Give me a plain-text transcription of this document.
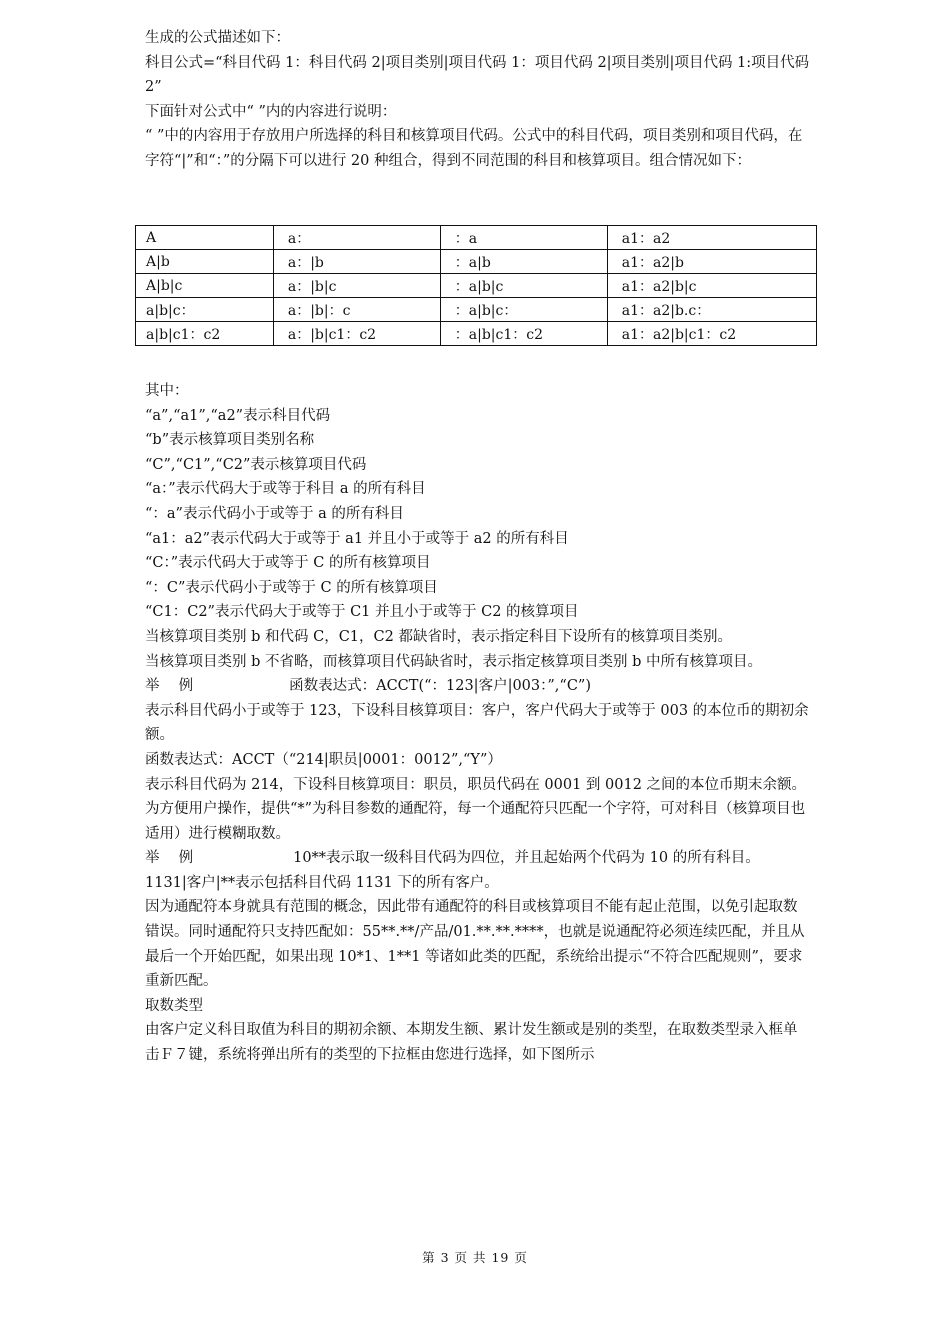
生成的公式描述如下：

科目公式=“科目代码 1：科目代码 2|项目类别|项目代码 1：项目代码 2|项目类别|项目代码 1:项目代码 2”

下面针对公式中“ ”内的内容进行说明：

“ ”中的内容用于存放用户所选择的科目和核算项目代码。公式中的科目代码，项目类别和项目代码，在字符“|”和“：”的分隔下可以进行 20 种组合，得到不同范围的科目和核算项目。组合情况如下：

A	a：	：a	a1：a2
A|b	a：|b	：a|b	a1：a2|b
A|b|c	a：|b|c	：a|b|c	a1：a2|b|c
a|b|c：	a：|b|：c	：a|b|c：	a1：a2|b.c：
a|b|c1：c2	a：|b|c1：c2	：a|b|c1：c2	a1：a2|b|c1：c2

其中：

“a”,“a1”,“a2”表示科目代码

“b”表示核算项目类别名称

“C”,“C1”,“C2”表示核算项目代码

“a：”表示代码大于或等于科目 a 的所有科目

“：a”表示代码小于或等于 a 的所有科目

“a1：a2”表示代码大于或等于 a1 并且小于或等于 a2 的所有科目

“C：”表示代码大于或等于 C 的所有核算项目

“：C”表示代码小于或等于 C 的所有核算项目

“C1：C2”表示代码大于或等于 C1 并且小于或等于 C2 的核算项目

当核算项目类别 b 和代码 C，C1，C2 都缺省时，表示指定科目下设所有的核算项目类别。

当核算项目类别 b 不省略，而核算项目代码缺省时，表示指定核算项目类别 b 中所有核算项目。

举　 例	函数表达式：ACCT(“：123|客户|003：”,“C”)

表示科目代码小于或等于 123，下设科目核算项目：客户，客户代码大于或等于 003 的本位币的期初余额。

函数表达式：ACCT（“214|职员|0001：0012”,“Y”）

表示科目代码为 214，下设科目核算项目：职员，职员代码在 0001 到 0012 之间的本位币期末余额。

为方便用户操作，提供“*”为科目参数的通配符，每一个通配符只匹配一个字符，可对科目（核算项目也适用）进行模糊取数。

举　 例	10**表示取一级科目代码为四位，并且起始两个代码为 10 的所有科目。

1131|客户|**表示包括科目代码 1131 下的所有客户。

因为通配符本身就具有范围的概念，因此带有通配符的科目或核算项目不能有起止范围，以免引起取数错误。同时通配符只支持匹配如：55**.**/产品/01.**.**.****，也就是说通配符必须连续匹配，并且从最后一个开始匹配，如果出现 10*1、1**1 等诸如此类的匹配，系统给出提示“不符合匹配规则”，要求重新匹配。

取数类型

由客户定义科目取值为科目的期初余额、本期发生额、累计发生额或是别的类型，在取数类型录入框单击Ｆ７键，系统将弹出所有的类型的下拉框由您进行选择，如下图所示

第 3 页 共 19 页
